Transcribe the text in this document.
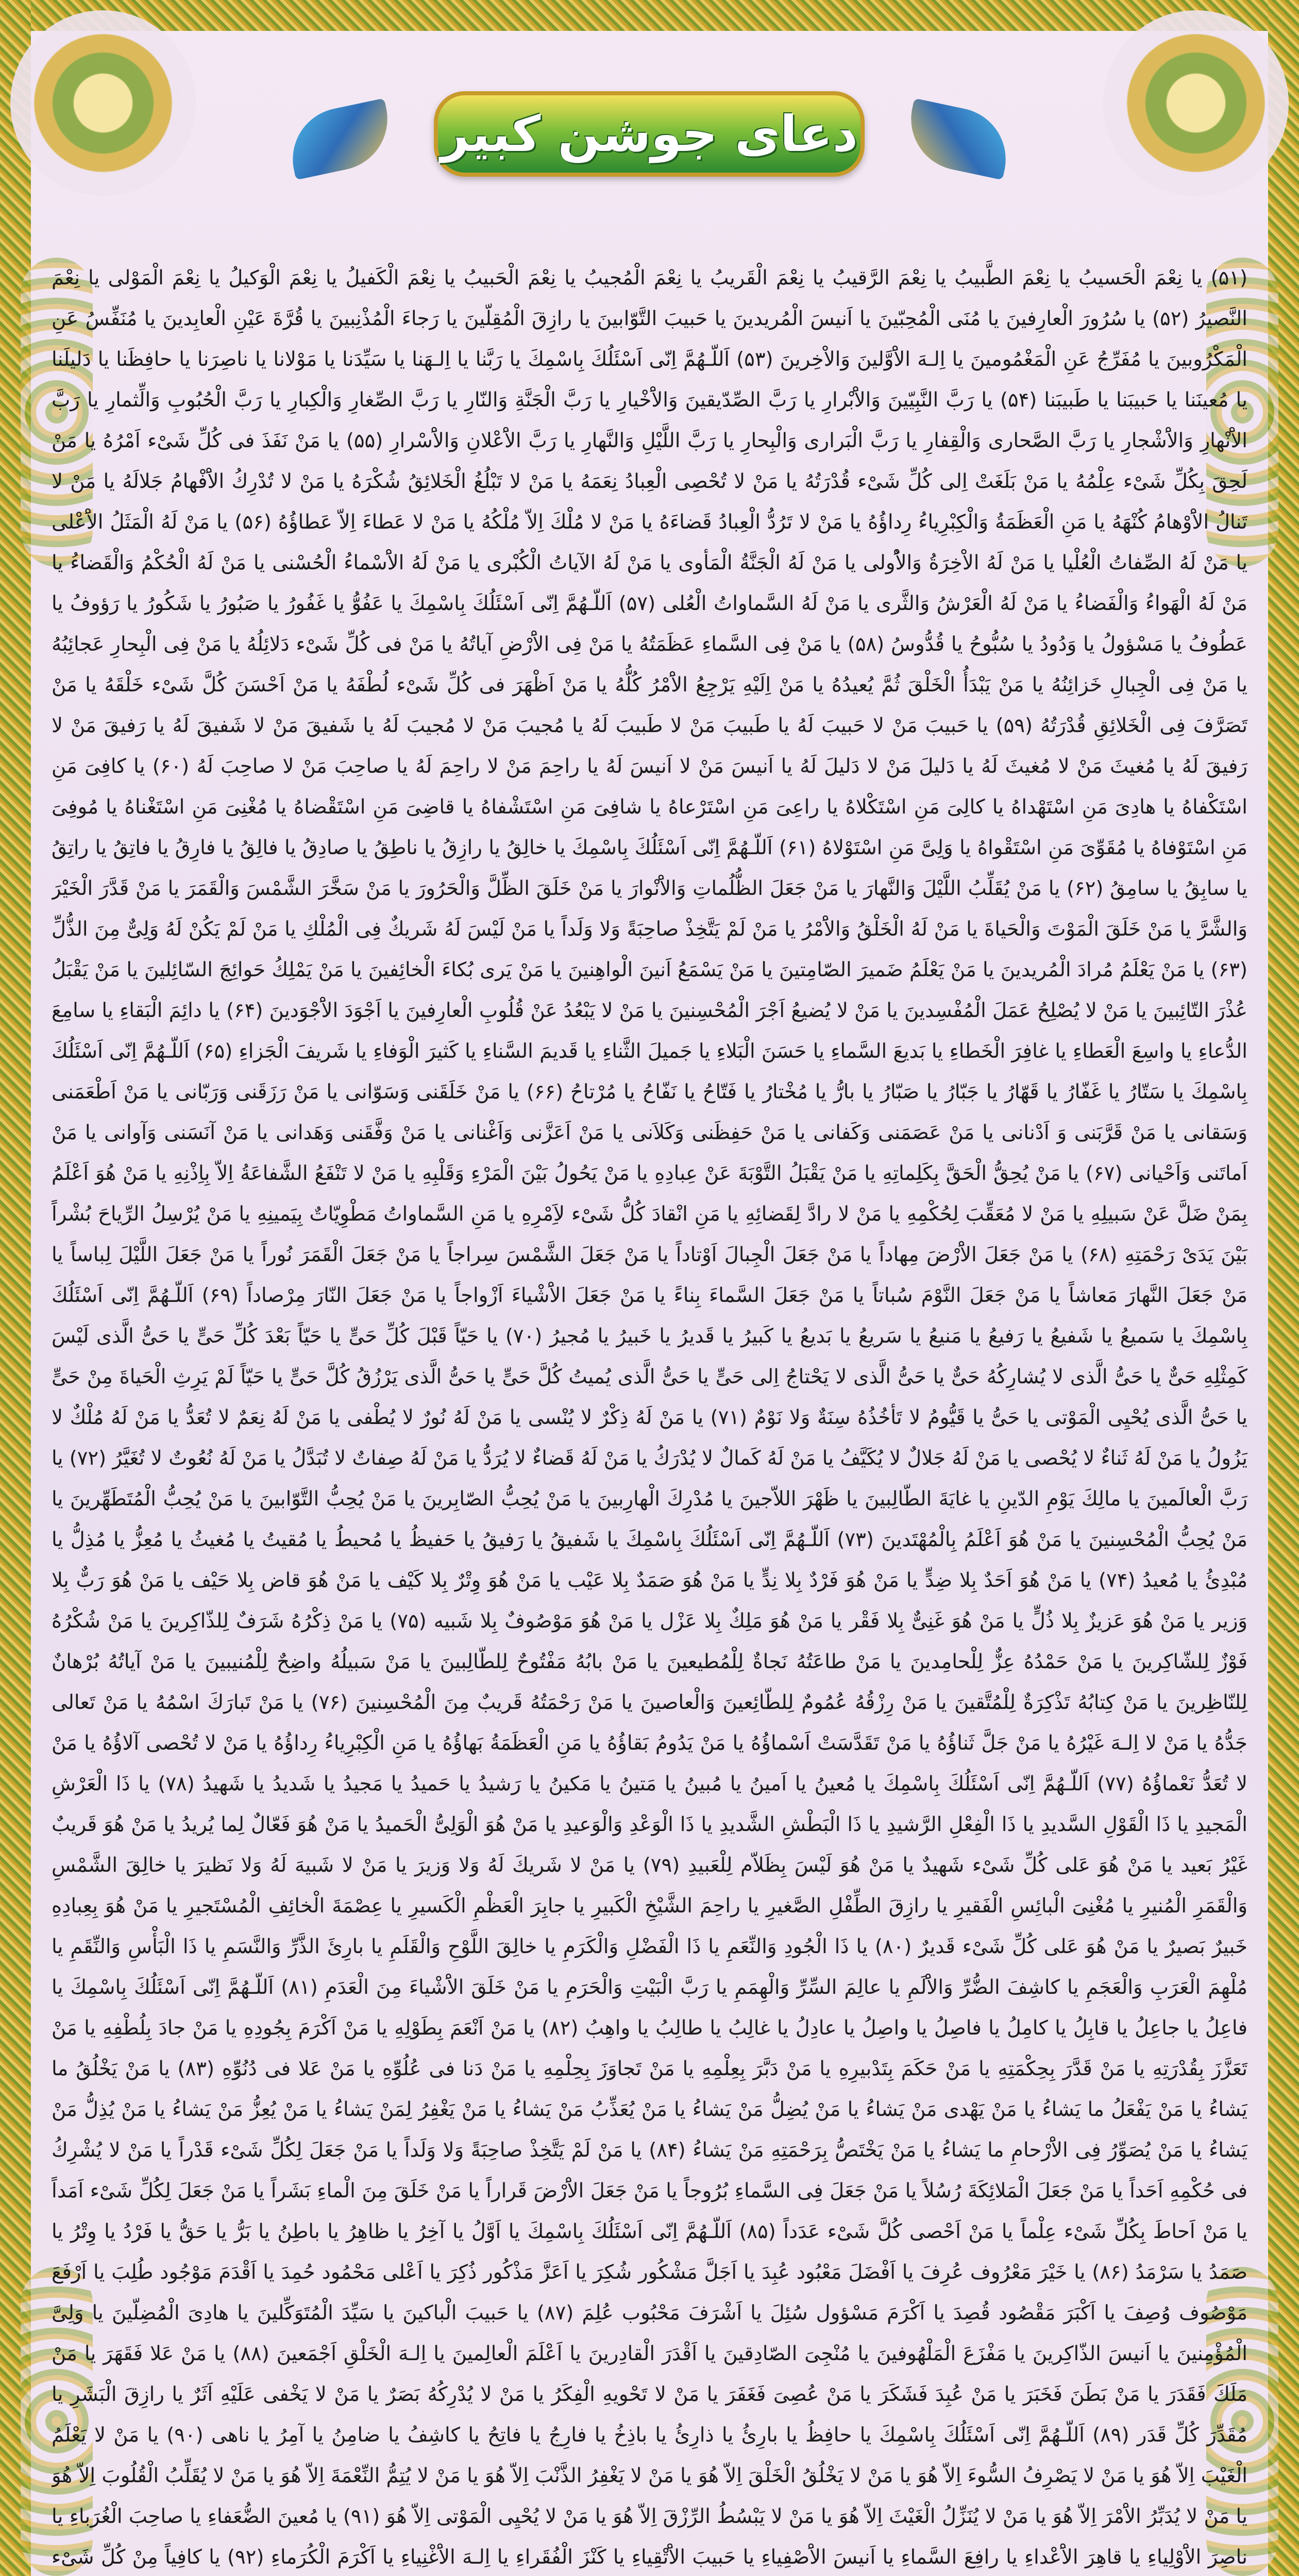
دعای جوشن کبیر

(۵۱) یا نِعْمَ الْحَسیبُ یا نِعْمَ الطَّبیبُ یا نِعْمَ الرَّقیبُ یا نِعْمَ الْقَریبُ یا نِعْمَ الْمُجیبُ یا نِعْمَ الْحَبیبُ یا نِعْمَ الْكَفیلُ یا نِعْمَ الْوَكیلُ یا نِعْمَ الْمَوْلى یا نِعْمَ النَّصیرُ (۵۲) یا سُرُورَ الْعارِفینَ یا مُنَى الْمُحِبّینَ یا اَنیسَ الْمُریدینَ یا حَبیبَ التَّوّابینَ یا رازِقَ الْمُقِلّینَ یا رَجاءَ الْمُذْنِبینَ یا قُرَّةَ عَیْنِ الْعابِدینَ یا مُنَفِّسُ عَنِ الْمَكْرُوبینَ یا مُفَرِّجُ عَنِ الْمَغْمُومینَ یا اِلـهَ الاَْوَّلینَ وَالاْخِرینَ (۵۳) اَللّـهُمَّ اِنّی اَسْئَلُكَ بِاسْمِكَ یا رَبَّنا یا اِلـهَنا یا سَیِّدَنا یا مَوْلانا یا ناصِرَنا یا حافِظَنا یا دَلیلَنا یا مُعینَنا یا حَبیبَنا یا طَبیبَنا (۵۴) یا رَبَّ النَّبِیّینَ وَالاَْبْرارِ یا رَبَّ الصِّدّیقینَ وَالاَْخْیارِ یا رَبَّ الْجَنَّةِ وَالنّارِ یا رَبَّ الصِّغارِ وَالْكِبارِ یا رَبَّ الْحُبُوبِ وَالِّثمارِ یا رَبَّ الاَْنْهارِ وَالاَْشْجارِ یا رَبَّ الصَّحاری وَالْقِفارِ یا رَبَّ الْبَراری وَالْبِحارِ یا رَبَّ اللَّیْلِ وَالنَّهارِ یا رَبَّ الاَْعْلانِ وَالاَْسْرارِ (۵۵) یا مَنْ نَفَذَ فی كُلِّ شَیْء اَمْرُهُ یا مَنْ لَحِقَ بِكُلِّ شَیْء عِلْمُهُ یا مَنْ بَلَغَتْ اِلى كُلِّ شَیْء قُدْرَتُهُ یا مَنْ لا تُحْصِی الْعِبادُ نِعَمَهُ یا مَنْ لا تَبْلُغُ الْخَلائِقُ شُكْرَهُ یا مَنْ لا تُدْرِكُ الاَْفْهامُ جَلالَهُ یا مَنْ لا تَنالُ الاَْوْهامُ كُنْهَهُ یا مَنِ الْعَظَمَةُ وَالْكِبْرِیاءُ رِداؤُهُ یا مَنْ لا تَرُدُّ الْعِبادُ قَضاءَهُ یا مَنْ لا مُلْكَ اِلاّ مُلْكُهُ یا مَنْ لا عَطاءَ اِلاّ عَطاؤُهُ (۵۶) یا مَنْ لَهُ الْمَثَلُ الاَْعْلى یا مَنْ لَهُ الصِّفاتُ الْعُلْیا یا مَنْ لَهُ الاْخِرَةُ وَالاُْولى یا مَنْ لَهُ الْجَنَّةُ الْمَأوى یا مَنْ لَهُ الآیاتُ الْكُبْرى یا مَنْ لَهُ الاَْسْماءُ الْحُسْنى یا مَنْ لَهُ الْحُكْمُ وَالْقَضاءُ یا مَنْ لَهُ الْهَواءُ وَالْفَضاءُ یا مَنْ لَهُ الْعَرْشُ وَالثَّرى یا مَنْ لَهُ السَّماواتُ الْعُلى (۵۷) اَللّـهُمَّ اِنّی اَسْئَلُكَ بِاسْمِكَ یا عَفُوُّ یا غَفُورُ یا صَبُورُ یا شَكُورُ یا رَؤوفُ یا عَطُوفُ یا مَسْؤولُ یا وَدُودُ یا سُبُّوحُ یا قُدُّوسُ (۵۸) یا مَنْ فِی السَّماءِ عَظَمَتُهُ یا مَنْ فِی الاَْرْضِ آیاتُهُ یا مَنْ فی كُلِّ شَیْء دَلائِلُهُ یا مَنْ فِی الْبِحارِ عَجائِبُهُ یا مَنْ فِی الْجِبالِ خَزائِنُهُ یا مَنْ یَبْدَأُ الْخَلْقَ ثُمَّ یُعیدُهُ یا مَنْ اِلَیْهِ یَرْجِعُ الاَْمْرُ كُلُّهُ یا مَنْ اَظْهَرَ فی كُلِّ شَیْء لُطْفَهُ یا مَنْ اَحْسَنَ كُلَّ شَیْء خَلْقَهُ یا مَنْ تَصَرَّفَ فِی الْخَلائِقِ قُدْرَتُهُ (۵۹) یا حَبیبَ مَنْ لا حَبیبَ لَهُ یا طَبیبَ مَنْ لا طَبیبَ لَهُ یا مُجیبَ مَنْ لا مُجیبَ لَهُ یا شَفیقَ مَنْ لا شَفیقَ لَهُ یا رَفیقَ مَنْ لا رَفیقَ لَهُ یا مُغیثَ مَنْ لا مُغیثَ لَهُ یا دَلیلَ مَنْ لا دَلیلَ لَهُ یا اَنیسَ مَنْ لا اَنیسَ لَهُ یا راحِمَ مَنْ لا راحِمَ لَهُ یا صاحِبَ مَنْ لا صاحِبَ لَهُ (۶۰) یا كافِیَ مَنِ اسْتَكْفاهُ یا هادِیَ مَنِ اسْتَهْداهُ یا كالِیَ مَنِ اسْتَكْلاهُ یا راعِیَ مَنِ اسْتَرْعاهُ یا شافِیَ مَنِ اسْتَشْفاهُ یا قاضِیَ مَنِ اسْتَقْضاهُ یا مُغْنِیَ مَنِ اسْتَغْناهُ یا مُوفِیَ مَنِ اسْتَوْفاهُ یا مُقَوِّیَ مَنِ اسْتَقْواهُ یا وَلِیَّ مَنِ اسْتَوْلاهُ (۶۱) اَللّـهُمَّ اِنّی اَسْئَلُكَ بِاسْمِكَ یا خالِقُ یا رازِقُ یا ناطِقُ یا صادِقُ یا فالِقُ یا فارِقُ یا فاتِقُ یا راتِقُ یا سابِقُ یا سامِقُ (۶۲) یا مَنْ یُقَلِّبُ اللَّیْلَ وَالنَّهارَ یا مَنْ جَعَلَ الظُّلُماتِ وَالاَْنْوارَ یا مَنْ خَلَقَ الظِّلَّ وَالْحَرُورَ یا مَنْ سَخَّرَ الشَّمْسَ وَالْقَمَرَ یا مَنْ قَدَّرَ الْخَیْرَ وَالشَّرَّ یا مَنْ خَلَقَ الْمَوْتَ وَالْحَیاةَ یا مَنْ لَهُ الْخَلْقُ وَالاَْمْرُ یا مَنْ لَمْ یَتَّخِذْ صاحِبَةً وَلا وَلَداً یا مَنْ لَیْسَ لَهُ شَریكٌ فِی الْمُلْكِ یا مَنْ لَمْ یَكُنْ لَهُ وَلِیٌّ مِنَ الذُّلِّ (۶۳) یا مَنْ یَعْلَمُ مُرادَ الْمُریدینَ یا مَنْ یَعْلَمُ ضَمیرَ الصّامِتینَ یا مَنْ یَسْمَعُ اَنینَ الْواهِنینَ یا مَنْ یَرى بُكاءَ الْخائِفینَ یا مَنْ یَمْلِكُ حَوائِجَ السّائِلینَ یا مَنْ یَقْبَلُ عُذْرَ التّائِبینَ یا مَنْ لا یُصْلِحُ عَمَلَ الْمُفْسِدینَ یا مَنْ لا یُضیعُ اَجْرَ الْمُحْسِنینَ یا مَنْ لا یَبْعُدُ عَنْ قُلُوبِ الْعارِفینَ یا اَجْوَدَ الاَْجْوَدینَ (۶۴) یا دائِمَ الْبَقاءِ یا سامِعَ الدُّعاءِ یا واسِعَ الْعَطاءِ یا غافِرَ الْخَطاءِ یا بَدیعَ السَّماءِ یا حَسَنَ الْبَلاءِ یا جَمیلَ الثَّناءِ یا قَدیمَ السَّناءِ یا كَثیرَ الْوَفاءِ یا شَریفَ الْجَزاءِ (۶۵) اَللّـهُمَّ اِنّی اَسْئَلُكَ بِاسْمِكَ یا سَتّارُ یا غَفّارُ یا قَهّارُ یا جَبّارُ یا صَبّارُ یا بارُّ یا مُخْتارُ یا فَتّاحُ یا نَفّاحُ یا مُرْتاحُ (۶۶) یا مَنْ خَلَقَنی وَسَوّانی یا مَنْ رَزَقَنی وَرَبّانی یا مَنْ اَطْعَمَنی وَسَقانی یا مَنْ قَرَّبَنی وَ اَدْنانی یا مَنْ عَصَمَنی وَكَفانی یا مَنْ حَفِظَنی وَكَلاَنی یا مَنْ اَعَزَّنی وَاَغْنانی یا مَنْ وَفَّقَنی وَهَدانی یا مَنْ آنَسَنی وَآوانی یا مَنْ اَماتَنی وَاَحْیانی (۶۷) یا مَنْ یُحِقُّ الْحَقَّ بِكَلِماتِهِ یا مَنْ یَقْبَلُ التَّوْبَةَ عَنْ عِبادِهِ یا مَنْ یَحُولُ بَیْنَ الْمَرْءِ وَقَلْبِهِ یا مَنْ لا تَنْفَعُ الشَّفاعَةُ اِلاّ بِاِذْنِهِ یا مَنْ هُوَ اَعْلَمُ بِمَنْ ضَلَّ عَنْ سَبیلِهِ یا مَنْ لا مُعَقِّبَ لِحُكْمِهِ یا مَنْ لا رادَّ لِقَضائِهِ یا مَنِ انْقادَ كُلُّ شَیْء لاَِمْرِهِ یا مَنِ السَّماواتُ مَطْوِیّاتٌ بِیَمینِهِ یا مَنْ یُرْسِلُ الرِّیاحَ بُشْراً بَیْنَ یَدَیْ رَحْمَتِهِ (۶۸) یا مَنْ جَعَلَ الاَْرْضَ مِهاداً یا مَنْ جَعَلَ الْجِبالَ اَوْتاداً یا مَنْ جَعَلَ الشَّمْسَ سِراجاً یا مَنْ جَعَلَ الْقَمَرَ نُوراً یا مَنْ جَعَلَ اللَّیْلَ لِباساً یا مَنْ جَعَلَ النَّهارَ مَعاشاً یا مَنْ جَعَلَ النَّوْمَ سُباتاً یا مَنْ جَعَلَ السَّماءَ بِناءً یا مَنْ جَعَلَ الاَْشْیاءَ اَزْواجاً یا مَنْ جَعَلَ النّارَ مِرْصاداً (۶۹) اَللّـهُمَّ اِنّی اَسْئَلُكَ بِاسْمِكَ یا سَمیعُ یا شَفیعُ یا رَفیعُ یا مَنیعُ یا سَریعُ یا بَدیعُ یا كَبیرُ یا قَدیرُ یا خَبیرُ یا مُجیرُ (۷۰) یا حَیّاً قَبْلَ كُلِّ حَیٍّ یا حَیّاً بَعْدَ كُلِّ حَیٍّ یا حَیُّ الَّذی لَیْسَ كَمِثْلِهِ حَیٌّ یا حَیُّ الَّذی لا یُشارِكُهُ حَیٌّ یا حَیُّ الَّذی لا یَحْتاجُ اِلى حَیٍّ یا حَیُّ الَّذی یُمیتُ كُلَّ حَیٍّ یا حَیُّ الَّذی یَرْزُقُ كُلَّ حَیٍّ یا حَیّاً لَمْ یَرِثِ الْحَیاةَ مِنْ حَیٍّ یا حَیُّ الَّذی یُحْیِی الْمَوْتى یا حَیُّ یا قَیُّومُ لا تَأخُذُهُ سِنَةٌ وَلا نَوْمٌ (۷۱) یا مَنْ لَهُ ذِكْرٌ لا یُنْسى یا مَنْ لَهُ نُورٌ لا یُطْفى یا مَنْ لَهُ نِعَمٌ لا تُعَدُّ یا مَنْ لَهُ مُلْكٌ لا یَزُولُ یا مَنْ لَهُ ثَناءٌ لا یُحْصى یا مَنْ لَهُ جَلالٌ لا یُكَیَّفُ یا مَنْ لَهُ كَمالٌ لا یُدْرَكُ یا مَنْ لَهُ قَضاءٌ لا یُرَدُّ یا مَنْ لَهُ صِفاتٌ لا تُبَدَّلُ یا مَنْ لَهُ نُعُوتٌ لا تُغَیَّرُ (۷۲) یا رَبَّ الْعالَمینَ یا مالِكَ یَوْمِ الدّینِ یا غایَةَ الطّالِبینَ یا ظَهْرَ اللاّجینَ یا مُدْرِكَ الْهارِبینَ یا مَنْ یُحِبُّ الصّابِرینَ یا مَنْ یُحِبُّ التَّوّابینَ یا مَنْ یُحِبُّ الْمُتَطَهِّرینَ یا مَنْ یُحِبُّ الْمُحْسِنینَ یا مَنْ هُوَ اَعْلَمُ بِالْمُهْتَدینَ (۷۳) اَللّـهُمَّ اِنّی اَسْئَلُكَ بِاسْمِكَ یا شَفیقُ یا رَفیقُ یا حَفیظُ یا مُحیطُ یا مُقیتُ یا مُغیثُ یا مُعِزُّ یا مُذِلُّ یا مُبْدِئُ یا مُعیدُ (۷۴) یا مَنْ هُوَ اَحَدٌ بِلا ضِدٍّ یا مَنْ هُوَ فَرْدٌ بِلا نِدٍّ یا مَنْ هُوَ صَمَدٌ بِلا عَیْب یا مَنْ هُوَ وِتْرٌ بِلا كَیْف یا مَنْ هُوَ قاض بِلا حَیْف یا مَنْ هُوَ رَبٌّ بِلا وَزیر یا مَنْ هُوَ عَزیزٌ بِلا ذُلٍّ یا مَنْ هُوَ غَنِیٌّ بِلا فَقْر یا مَنْ هُوَ مَلِكٌ بِلا عَزْل یا مَنْ هُوَ مَوْصُوفٌ بِلا شَبیه (۷۵) یا مَنْ ذِكْرُهُ شَرَفٌ لِلذّاكِرینَ یا مَنْ شُكْرُهُ فَوْزٌ لِلشّاكِرینَ یا مَنْ حَمْدُهُ عِزٌّ لِلْحامِدینَ یا مَنْ طاعَتُهُ نَجاةٌ لِلْمُطیعینَ یا مَنْ بابُهُ مَفْتُوحٌ لِلطّالِبینَ یا مَنْ سَبیلُهُ واضِحٌ لِلْمُنیبینَ یا مَنْ آیاتُهُ بُرْهانٌ لِلنّاظِرینَ یا مَنْ كِتابُهُ تَذْكِرَةٌ لِلْمُتَّقینَ یا مَنْ رِزْقُهُ عُمُومٌ لِلطّائِعینَ وَالْعاصینَ یا مَنْ رَحْمَتُهُ قَریبٌ مِنَ الْمُحْسِنینَ (۷۶) یا مَنْ تَبارَكَ اسْمُهُ یا مَنْ تَعالى جَدُّهُ یا مَنْ لا اِلـهَ غَیْرُهُ یا مَنْ جَلَّ ثَناؤُهُ یا مَنْ تَقَدَّسَتْ اَسْماؤُهُ یا مَنْ یَدُومُ بَقاؤُهُ یا مَنِ الْعَظَمَةُ بَهاؤُهُ یا مَنِ الْكِبْرِیاءُ رِداؤُهُ یا مَنْ لا تُحْصى آلاؤُهُ یا مَنْ لا تُعَدُّ نَعْماؤُهُ (۷۷) اَللّـهُمَّ اِنّی اَسْئَلُكَ بِاسْمِكَ یا مُعینُ یا اَمینُ یا مُبینُ یا مَتینُ یا مَكینُ یا رَشیدُ یا حَمیدُ یا مَجیدُ یا شَدیدُ یا شَهیدُ (۷۸) یا ذَا الْعَرْشِ الْمَجیدِ یا ذَا الْقَوْلِ السَّدیدِ یا ذَا الْفِعْلِ الرَّشیدِ یا ذَا الْبَطْشِ الشَّدیدِ یا ذَا الْوَعْدِ وَالْوَعیدِ یا مَنْ هُوَ الْوَلِیُّ الْحَمیدُ یا مَنْ هُوَ فَعّالٌ لِما یُریدُ یا مَنْ هُوَ قَریبٌ غَیْرُ بَعید یا مَنْ هُوَ عَلى كُلِّ شَیْء شَهیدٌ یا مَنْ هُوَ لَیْسَ بِظَلاّم لِلْعَبیدِ (۷۹) یا مَنْ لا شَریكَ لَهُ وَلا وَزیرَ یا مَنْ لا شَبیهَ لَهُ وَلا نَظیرَ یا خالِقَ الشَّمْسِ وَالْقَمَرِ الْمُنیرِ یا مُغْنِیَ الْبائِسِ الْفَقیرِ یا رازِقَ الطِّفْلِ الصَّغیرِ یا راحِمَ الشَّیْخِ الْكَبیرِ یا جابِرَ الْعَظْمِ الْكَسیرِ یا عِصْمَةَ الْخائِفِ الْمُسْتَجیرِ یا مَنْ هُوَ بِعِبادِهِ خَبیرٌ بَصیرٌ یا مَنْ هُوَ عَلى كُلِّ شَیْء قَدیرٌ (۸۰) یا ذَا الْجُودِ وَالنِّعَمِ یا ذَا الْفَضْلِ وَالْكَرَمِ یا خالِقَ اللَّوْحِ وَالْقَلَمِ یا بارِئَ الذَّرِّ وَالنَّسَمِ یا ذَا الْبَأْسِ وَالنِّقَمِ یا مُلْهِمَ الْعَرَبِ وَالْعَجَمِ یا كاشِفَ الضُّرِّ وَالاَْلَمِ یا عالِمَ السِّرِّ وَالْهِمَمِ یا رَبَّ الْبَیْتِ وَالْحَرَمِ یا مَنْ خَلَقَ الاَْشْیاءَ مِنَ الْعَدَمِ (۸۱) اَللّـهُمَّ اِنّی اَسْئَلُكَ بِاسْمِكَ یا فاعِلُ یا جاعِلُ یا قابِلُ یا كامِلُ یا فاصِلُ یا واصِلُ یا عادِلُ یا غالِبُ یا طالِبُ یا واهِبُ (۸۲) یا مَنْ اَنْعَمَ بِطَوْلِهِ یا مَنْ اَكْرَمَ بِجُودِهِ یا مَنْ جادَ بِلُطْفِهِ یا مَنْ تَعَزَّزَ بِقُدْرَتِهِ یا مَنْ قَدَّرَ بِحِكْمَتِهِ یا مَنْ حَكَمَ بِتَدْبیرِهِ یا مَنْ دَبَّرَ بِعِلْمِهِ یا مَنْ تَجاوَزَ بِحِلْمِهِ یا مَنْ دَنا فی عُلُوِّهِ یا مَنْ عَلا فی دُنُوِّهِ (۸۳) یا مَنْ یَخْلُقُ ما یَشاءُ یا مَنْ یَفْعَلُ ما یَشاءُ یا مَنْ یَهْدی مَنْ یَشاءُ یا مَنْ یُضِلُّ مَنْ یَشاءُ یا مَنْ یُعَذِّبُ مَنْ یَشاءُ یا مَنْ یَغْفِرُ لِمَنْ یَشاءُ یا مَنْ یُعِزُّ مَنْ یَشاءُ یا مَنْ یُذِلُّ مَنْ یَشاءُ یا مَنْ یُصَوِّرُ فِی الاَْرْحامِ ما یَشاءُ یا مَنْ یَخْتَصُّ بِرَحْمَتِهِ مَنْ یَشاءُ (۸۴) یا مَنْ لَمْ یَتَّخِذْ صاحِبَةً وَلا وَلَداً یا مَنْ جَعَلَ لِكُلِّ شَیْء قَدْراً یا مَنْ لا یُشْرِكُ فی حُكْمِهِ اَحَداً یا مَنْ جَعَلَ الْمَلائِكَةَ رُسُلاً یا مَنْ جَعَلَ فِی السَّماءِ بُرُوجاً یا مَنْ جَعَلَ الاَْرْضَ قَراراً یا مَنْ خَلَقَ مِنَ الْماءِ بَشَراً یا مَنْ جَعَلَ لِكُلِّ شَیْء اَمَداً یا مَنْ اَحاطَ بِكُلِّ شَیْء عِلْماً یا مَنْ اَحْصى كُلَّ شَیْء عَدَداً (۸۵) اَللّـهُمَّ اِنّی اَسْئَلُكَ بِاسْمِكَ یا اَوَّلُ یا آخِرُ یا ظاهِرُ یا باطِنُ یا بَرُّ یا حَقُّ یا فَرْدُ یا وِتْرُ یا صَمَدُ یا سَرْمَدُ (۸۶) یا خَیْرَ مَعْرُوف عُرِفَ یا اَفْضَلَ مَعْبُود عُبِدَ یا اَجَلَّ مَشْكُور شُكِرَ یا اَعَزَّ مَذْكُور ذُكِرَ یا اَعْلى مَحْمُود حُمِدَ یا اَقْدَمَ مَوْجُود طُلِبَ یا اَرْفَعَ مَوْصُوف وُصِفَ یا اَكْبَرَ مَقْصُود قُصِدَ یا اَكْرَمَ مَسْؤول سُئِلَ یا اَشْرَفَ مَحْبُوب عُلِمَ (۸۷) یا حَبیبَ الْباكینَ یا سَیِّدَ الْمُتَوَكِّلینَ یا هادِیَ الْمُضِلّینَ یا وَلِیَّ الْمُؤْمِنینَ یا اَنیسَ الذّاكِرینَ یا مَفْزَعَ الْمَلْهُوفینَ یا مُنْجِیَ الصّادِقینَ یا اَقْدَرَ الْقادِرینَ یا اَعْلَمَ الْعالِمینَ یا اِلـهَ الْخَلْقِ اَجْمَعینَ (۸۸) یا مَنْ عَلا فَقَهَرَ یا مَنْ مَلَكَ فَقَدَرَ یا مَنْ بَطَنَ فَخَبَرَ یا مَنْ عُبِدَ فَشَكَرَ یا مَنْ عُصِیَ فَغَفَرَ یا مَنْ لا تَحْویهِ الْفِكَرُ یا مَنْ لا یُدْرِكُهُ بَصَرٌ یا مَنْ لا یَخْفى عَلَیْهِ اَثَرٌ یا رازِقَ الْبَشَرِ یا مُقَدِّرَ كُلِّ قَدَر (۸۹) اَللّـهُمَّ اِنّی اَسْئَلُكَ بِاسْمِكَ یا حافِظُ یا بارِئُ یا ذارِئُ یا باذِخُ یا فارِجُ یا فاتِحُ یا كاشِفُ یا ضامِنُ یا آمِرُ یا ناهی (۹۰) یا مَنْ لا یَعْلَمُ الْغَیْبَ اِلاّ هُوَ یا مَنْ لا یَصْرِفُ السُّوءَ اِلاّ هُوَ یا مَنْ لا یَخْلُقُ الْخَلْقَ اِلاّ هُوَ یا مَنْ لا یَغْفِرُ الذَّنْبَ اِلاّ هُوَ یا مَنْ لا یُتِمُّ النِّعْمَةَ اِلاّ هُوَ یا مَنْ لا یُقَلِّبُ الْقُلُوبَ اِلاّ هُوَ یا مَنْ لا یُدَبِّرُ الاَْمْرَ اِلاّ هُوَ یا مَنْ لا یُنَزِّلُ الْغَیْثَ اِلاّ هُوَ یا مَنْ لا یَبْسُطُ الرِّزْقَ اِلاّ هُوَ یا مَنْ لا یُحْیِی الْمَوْتى اِلاّ هُوَ (۹۱) یا مُعینَ الضُّعَفاءِ یا صاحِبَ الْغُرَباءِ یا ناصِرَ الاَْوْلِیاءِ یا قاهِرَ الاَْعْداءِ یا رافِعَ السَّماءِ یا اَنیسَ الاَْصْفِیاءِ یا حَبیبَ الاَْتْقِیاءِ یا كَنْزَ الْفُقَراءِ یا اِلـهَ الاَْغْنِیاءِ یا اَكْرَمَ الْكُرَماءِ (۹۲) یا كافِیاً مِنْ كُلِّ شَیْء
